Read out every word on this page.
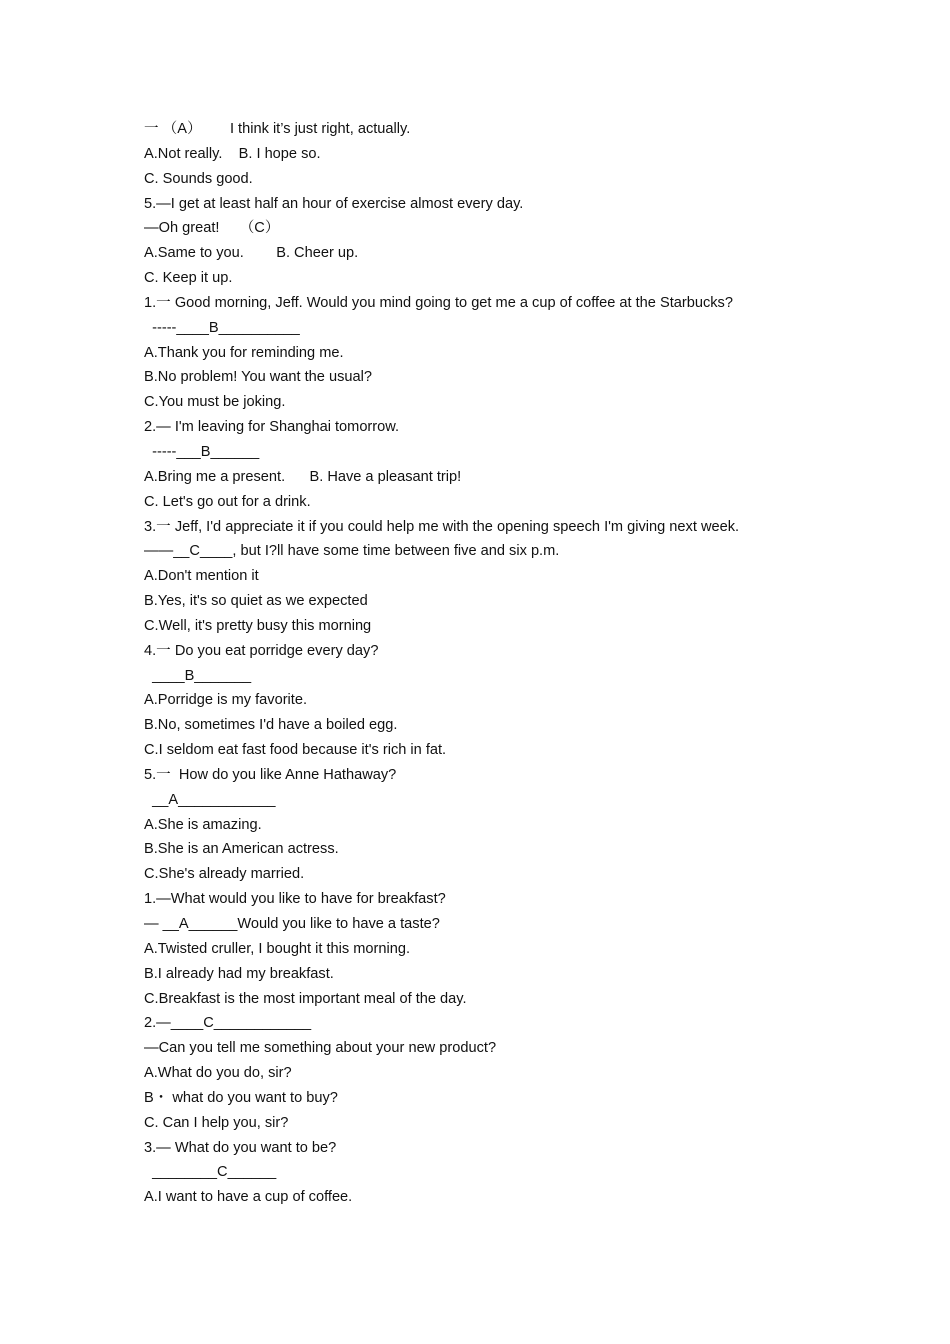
一 （A）       I think it’s just right, actually.
A.Not really.    B. I hope so.
C. Sounds good.
5.—I get at least half an hour of exercise almost every day.
—Oh great!     （C）
A.Same to you.        B. Cheer up.
C. Keep it up.
1.一 Good morning, Jeff. Would you mind going to get me a cup of coffee at the Starbucks?
-----____B__________
A.Thank you for reminding me.
B.No problem! You want the usual?
C.You must be joking.
2.— I'm leaving for Shanghai tomorrow.
-----___B______
A.Bring me a present.      B. Have a pleasant trip!
C. Let's go out for a drink.
3.一 Jeff, I'd appreciate it if you could help me with the opening speech I'm giving next week.
——__C____, but I?ll have some time between five and six p.m.
A.Don't mention it
B.Yes, it's so quiet as we expected
C.Well, it's pretty busy this morning
4.一 Do you eat porridge every day?
____B_______
A.Porridge is my favorite.
B.No, sometimes I'd have a boiled egg.
C.I seldom eat fast food because it's rich in fat.
5.一  How do you like Anne Hathaway?
__A____________
A.She is amazing.
B.She is an American actress.
C.She's already married.
1.—What would you like to have for breakfast?
— __A______Would you like to have a taste?
A.Twisted cruller, I bought it this morning.
B.I already had my breakfast.
C.Breakfast is the most important meal of the day.
2.—____C____________
—Can you tell me something about your new product?
A.What do you do, sir?
B・ what do you want to buy?
C. Can I help you, sir?
3.— What do you want to be?
________C______
A.I want to have a cup of coffee.
